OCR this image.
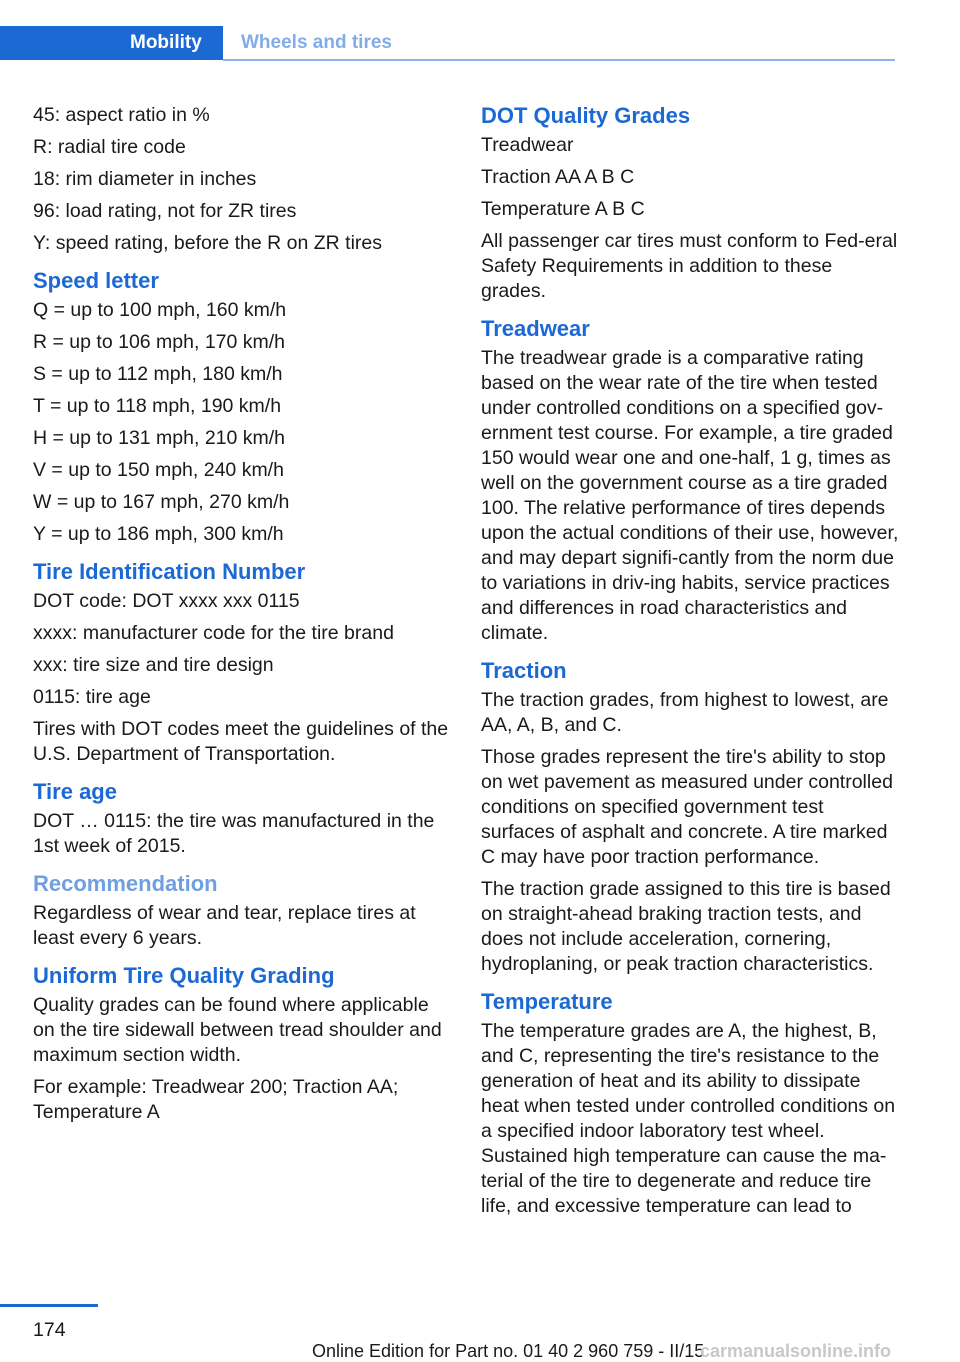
Mobility	Wheels and tires

45: aspect ratio in %

R: radial tire code

18: rim diameter in inches

96: load rating, not for ZR tires

Y: speed rating, before the R on ZR tires

Speed letter

Q = up to 100 mph, 160 km/h

R = up to 106 mph, 170 km/h

S = up to 112 mph, 180 km/h

T = up to 118 mph, 190 km/h

H = up to 131 mph, 210 km/h

V = up to 150 mph, 240 km/h

W = up to 167 mph, 270 km/h

Y = up to 186 mph, 300 km/h

Tire Identification Number

DOT code: DOT xxxx xxx 0115

xxxx: manufacturer code for the tire brand

xxx: tire size and tire design

0115: tire age

Tires with DOT codes meet the guidelines of the U.S. Department of Transportation.

Tire age

DOT … 0115: the tire was manufactured in the 1st week of 2015.

Recommendation

Regardless of wear and tear, replace tires at least every 6 years.

Uniform Tire Quality Grading

Quality grades can be found where applicable on the tire sidewall between tread shoulder and maximum section width.

For example: Treadwear 200; Traction AA; Temperature A

DOT Quality Grades

Treadwear

Traction AA A B C

Temperature A B C

All passenger car tires must conform to Fed‐eral Safety Requirements in addition to these grades.

Treadwear

The treadwear grade is a comparative rating based on the wear rate of the tire when tested under controlled conditions on a specified gov‐ernment test course. For example, a tire graded 150 would wear one and one-half, 1 g, times as well on the government course as a tire graded 100. The relative performance of tires depends upon the actual conditions of their use, however, and may depart signifi‐cantly from the norm due to variations in driv‐ing habits, service practices and differences in road characteristics and climate.

Traction

The traction grades, from highest to lowest, are AA, A, B, and C.

Those grades represent the tire's ability to stop on wet pavement as measured under controlled conditions on specified government test surfaces of asphalt and concrete. A tire marked C may have poor traction performance.

The traction grade assigned to this tire is based on straight-ahead braking traction tests, and does not include acceleration, cornering, hydroplaning, or peak traction characteristics.

Temperature

The temperature grades are A, the highest, B, and C, representing the tire's resistance to the generation of heat and its ability to dissipate heat when tested under controlled conditions on a specified indoor laboratory test wheel. Sustained high temperature can cause the ma‐terial of the tire to degenerate and reduce tire life, and excessive temperature can lead to

174
Online Edition for Part no. 01 40 2 960 759 - II/15
carmanualsonline.info
